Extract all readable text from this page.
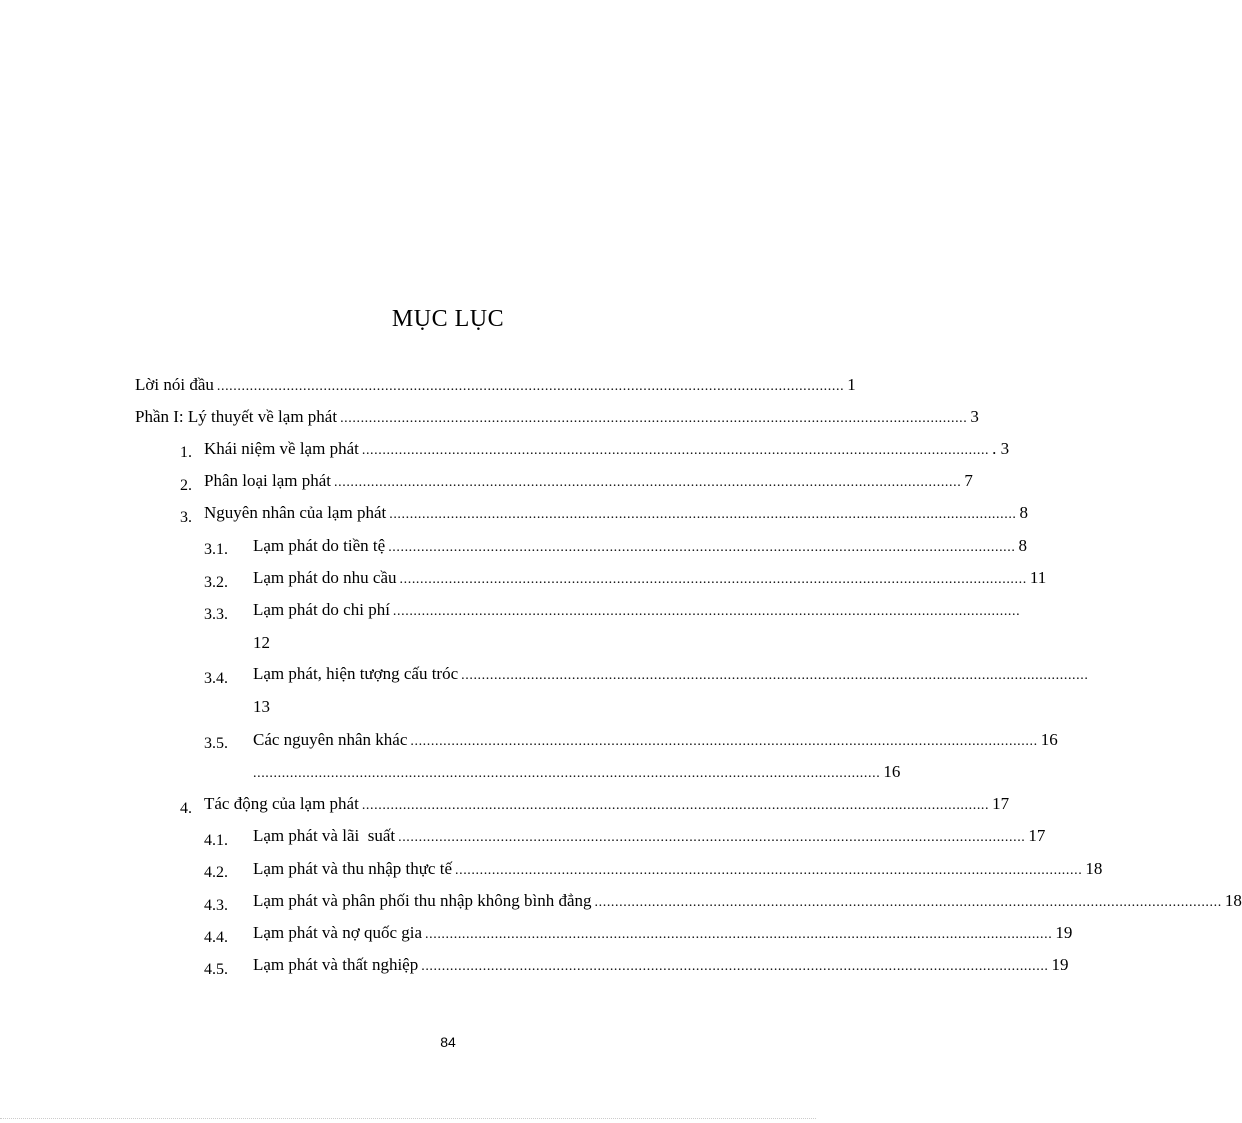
MỤC LỤC
Lời nói đầu ......................................................................................................................................................... 1
Phần I: Lý thuyết về lạm phát ......................................................................................................................................................... 3
1. Khái niệm về lạm phát ......................................................................................................................................................... . 3
2. Phân loại lạm phát ......................................................................................................................................................... 7
3. Nguyên nhân của lạm phát ......................................................................................................................................................... 8
3.1. Lạm phát do tiền tệ ......................................................................................................................................................... 8
3.2. Lạm phát do nhu cầu ......................................................................................................................................................... 11
3.3. Lạm phát do chi phí .........................................................................................................................................................
12
3.4. Lạm phát, hiện tượng cấu tróc .........................................................................................................................................................
13
3.5. Các nguyên nhân khác ......................................................................................................................................................... 16
......................................................................................................................................................... 16
4. Tác động của lạm phát ......................................................................................................................................................... 17
4.1. Lạm phát và lãi  suất ......................................................................................................................................................... 17
4.2. Lạm phát và thu nhập thực tế ......................................................................................................................................................... 18
4.3. Lạm phát và phân phối thu nhập không bình đẳng ......................................................................................................................................................... 18
4.4. Lạm phát và nợ quốc gia ......................................................................................................................................................... 19
4.5. Lạm phát và thất nghiệp ......................................................................................................................................................... 19
84
